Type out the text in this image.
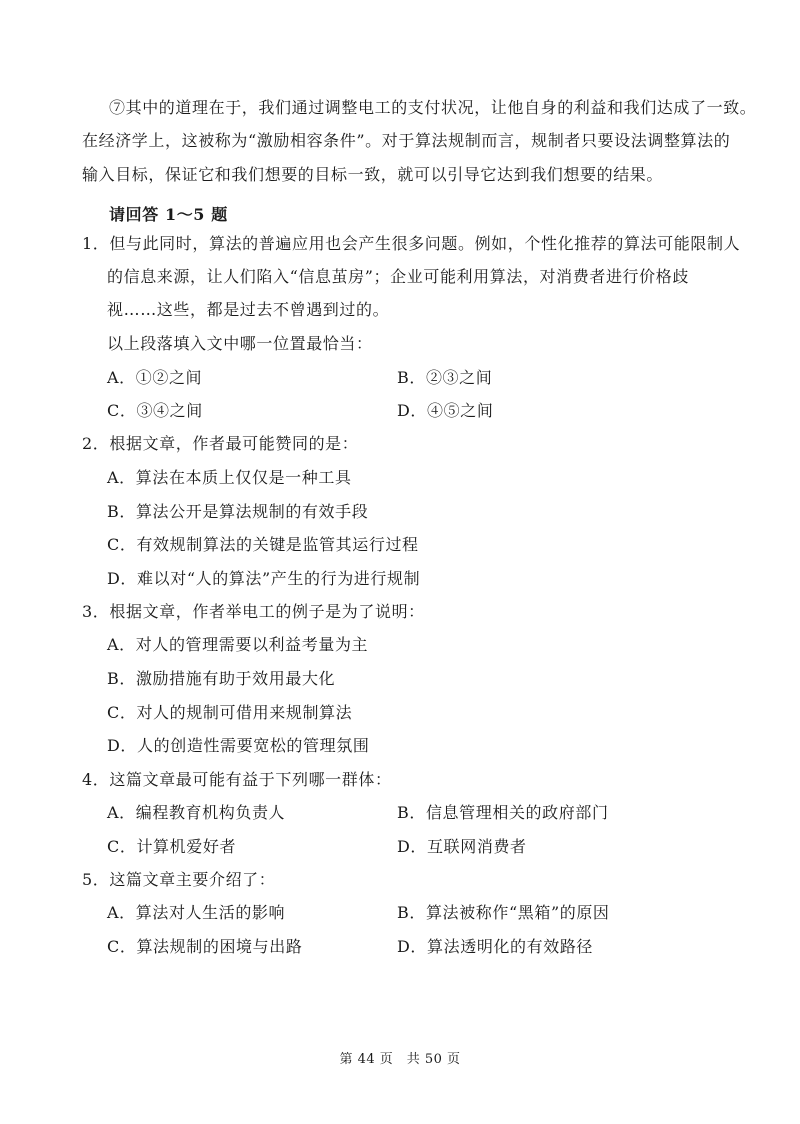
⑦其中的道理在于，我们通过调整电工的支付状况，让他自身的利益和我们达成了一致。
在经济学上，这被称为“激励相容条件”。对于算法规制而言，规制者只要设法调整算法的
输入目标，保证它和我们想要的目标一致，就可以引导它达到我们想要的结果。
请回答 1～5 题
1．但与此同时，算法的普遍应用也会产生很多问题。例如，个性化推荐的算法可能限制人
的信息来源，让人们陷入“信息茧房”；企业可能利用算法，对消费者进行价格歧
视……这些，都是过去不曾遇到过的。
以上段落填入文中哪一位置最恰当：
A．①②之间	B．②③之间
C．③④之间	D．④⑤之间
2．根据文章，作者最可能赞同的是：
A．算法在本质上仅仅是一种工具
B．算法公开是算法规制的有效手段
C．有效规制算法的关键是监管其运行过程
D．难以对“人的算法”产生的行为进行规制
3．根据文章，作者举电工的例子是为了说明：
A．对人的管理需要以利益考量为主
B．激励措施有助于效用最大化
C．对人的规制可借用来规制算法
D．人的创造性需要宽松的管理氛围
4．这篇文章最可能有益于下列哪一群体：
A．编程教育机构负责人	B．信息管理相关的政府部门
C．计算机爱好者	D．互联网消费者
5．这篇文章主要介绍了：
A．算法对人生活的影响	B．算法被称作“黑箱”的原因
C．算法规制的困境与出路	D．算法透明化的有效路径
第 44 页　共 50 页
